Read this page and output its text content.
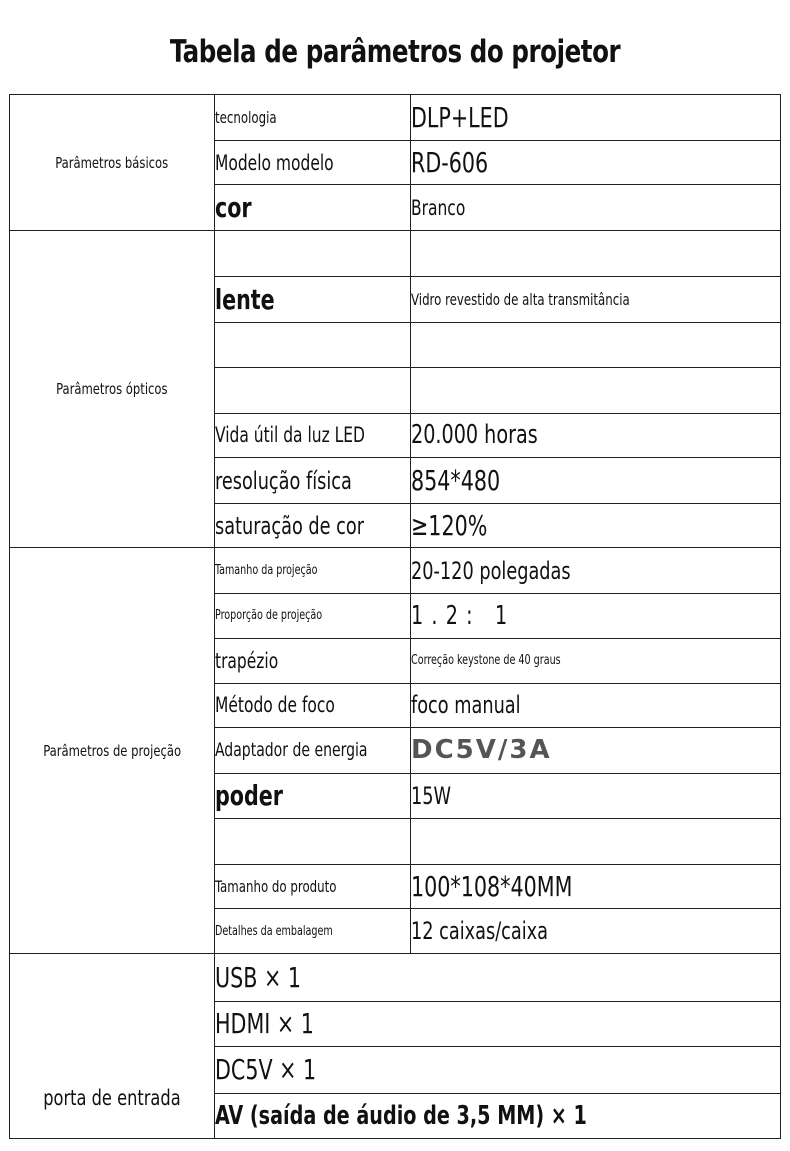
Tabela de parâmetros do projetor
Parâmetros básicos	tecnologia	DLP+LED
	Modelo modelo	RD-606
	cor	Branco
Parâmetros ópticos		
	lente	Vidro revestido de alta transmitância

	Vida útil da luz LED	20.000 horas
	resolução física	854*480
	saturação de cor	≥120%
Parâmetros de projeção	Tamanho da projeção	20-120 polegadas
	Proporção de projeção	1.2: 1
	trapézio	Correção keystone de 40 graus
	Método de foco	foco manual
	Adaptador de energia	DC5V/3A
	poder	15W

	Tamanho do produto	100*108*40MM
	Detalhes da embalagem	12 caixas/caixa
porta de entrada	USB × 1	
	HDMI × 1	
	DC5V × 1	
	AV (saída de áudio de 3,5 MM) × 1	
